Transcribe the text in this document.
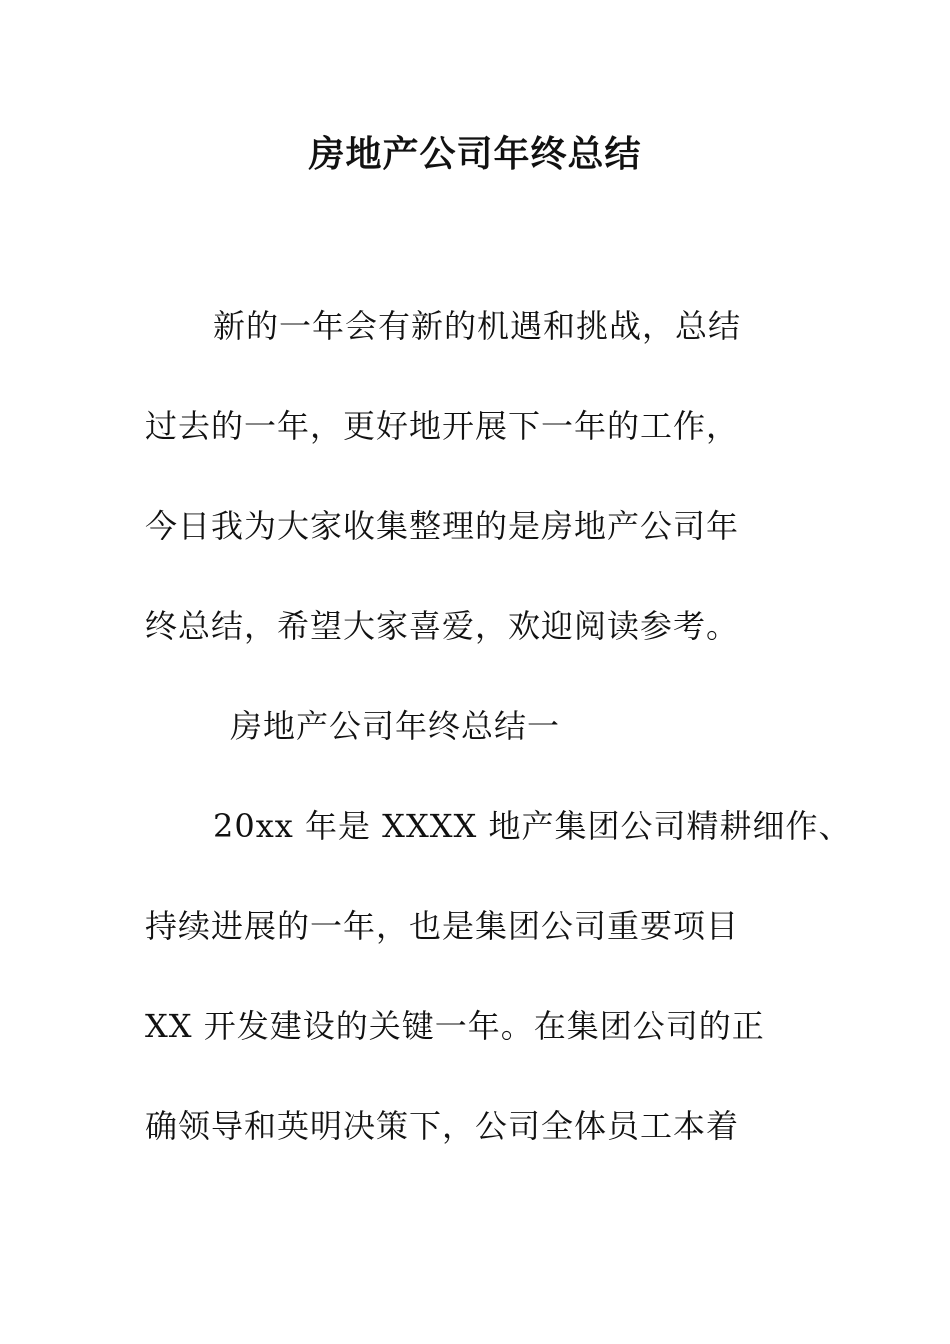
房地产公司年终总结
新的一年会有新的机遇和挑战，总结
过去的一年，更好地开展下一年的工作，
今日我为大家收集整理的是房地产公司年
终总结，希望大家喜爱，欢迎阅读参考。
房地产公司年终总结一
20xx 年是 XXXX 地产集团公司精耕细作、
持续进展的一年，也是集团公司重要项目
XX 开发建设的关键一年。在集团公司的正
确领导和英明决策下，公司全体员工本着
